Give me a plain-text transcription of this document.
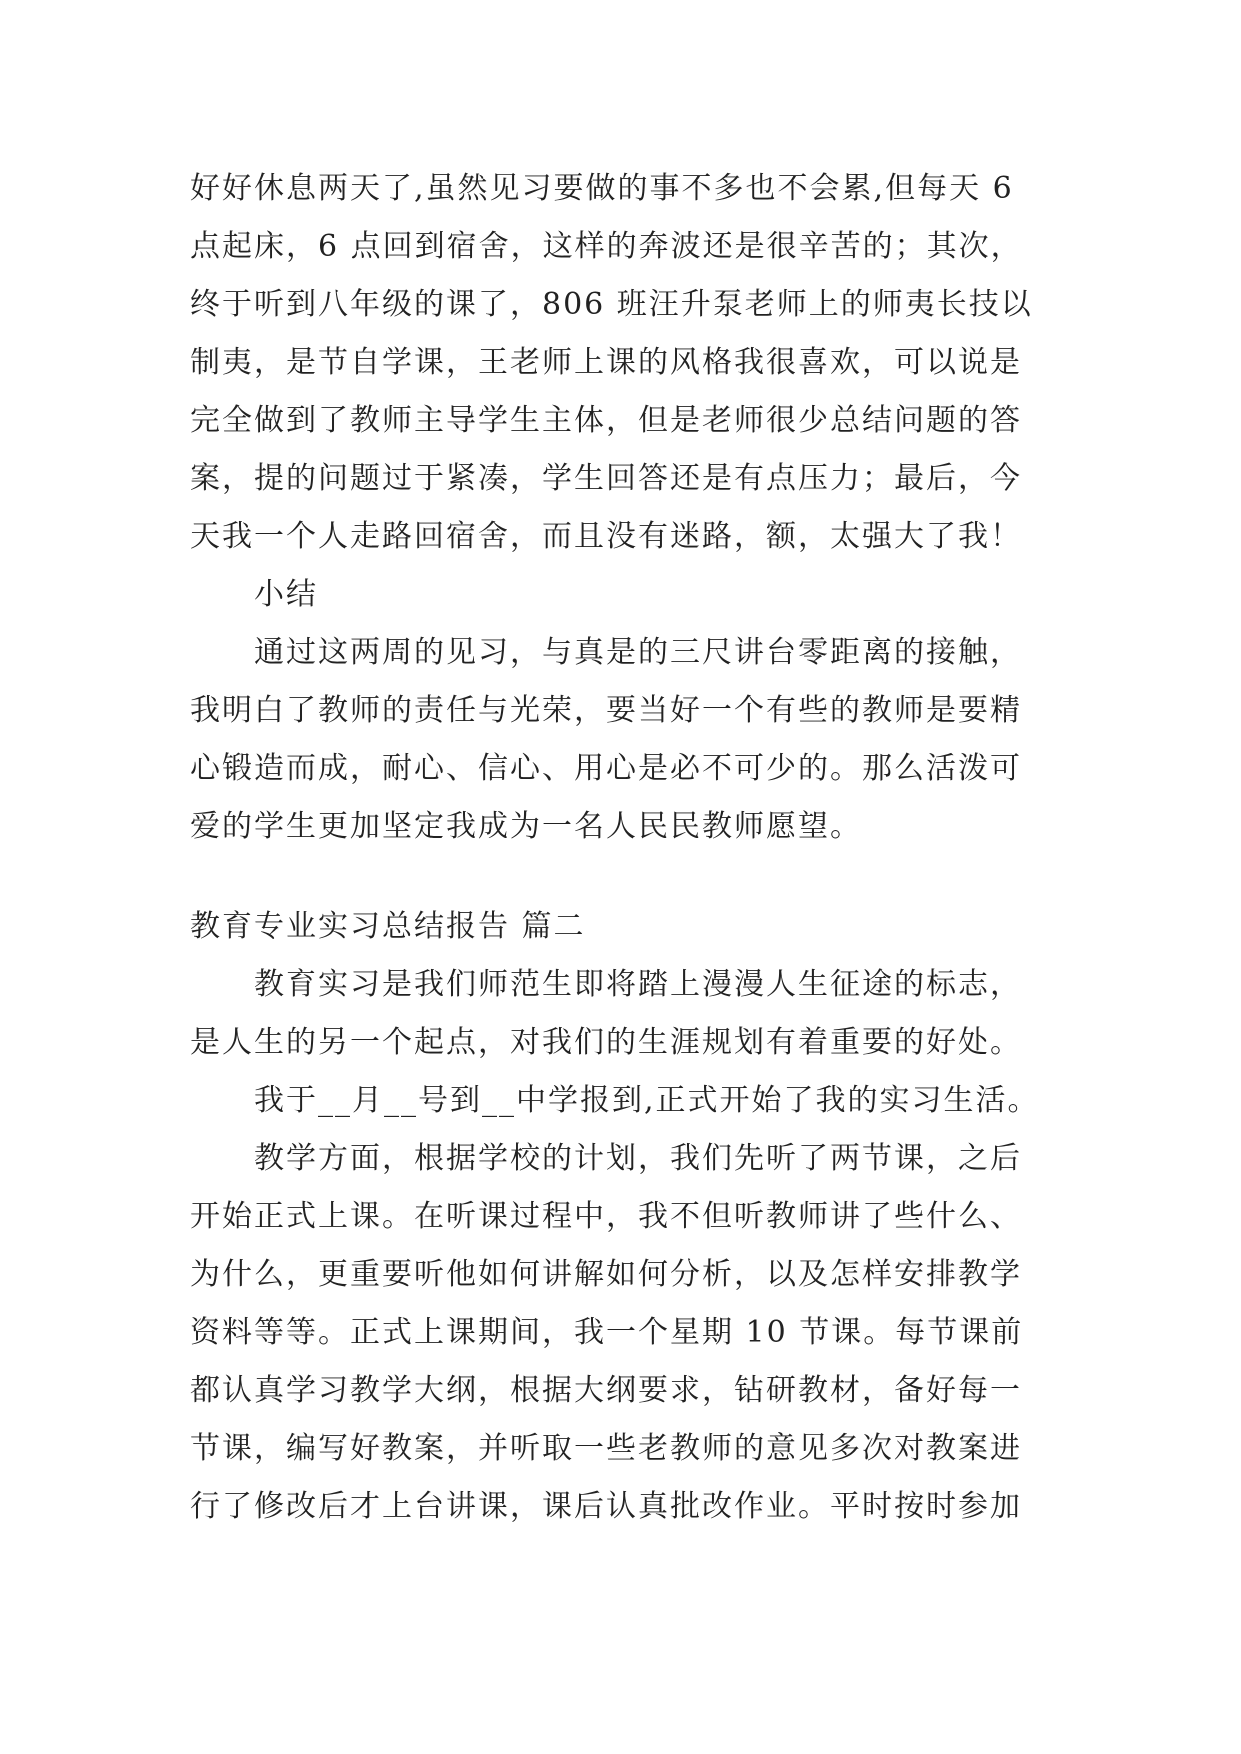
好好休息两天了,虽然见习要做的事不多也不会累,但每天 6
点起床，6 点回到宿舍，这样的奔波还是很辛苦的；其次，
终于听到八年级的课了，806 班汪升泵老师上的师夷长技以
制夷，是节自学课，王老师上课的风格我很喜欢，可以说是
完全做到了教师主导学生主体，但是老师很少总结问题的答
案，提的问题过于紧凑，学生回答还是有点压力；最后，今
天我一个人走路回宿舍，而且没有迷路，额，太强大了我！
小结
通过这两周的见习，与真是的三尺讲台零距离的接触，
我明白了教师的责任与光荣，要当好一个有些的教师是要精
心锻造而成，耐心、信心、用心是必不可少的。那么活泼可
爱的学生更加坚定我成为一名人民民教师愿望。
教育专业实习总结报告 篇二
教育实习是我们师范生即将踏上漫漫人生征途的标志，
是人生的另一个起点，对我们的生涯规划有着重要的好处。
我于__月__号到__中学报到,正式开始了我的实习生活。
教学方面，根据学校的计划，我们先听了两节课，之后
开始正式上课。在听课过程中，我不但听教师讲了些什么、
为什么，更重要听他如何讲解如何分析，以及怎样安排教学
资料等等。正式上课期间，我一个星期 10 节课。每节课前
都认真学习教学大纲，根据大纲要求，钻研教材，备好每一
节课，编写好教案，并听取一些老教师的意见多次对教案进
行了修改后才上台讲课，课后认真批改作业。平时按时参加
